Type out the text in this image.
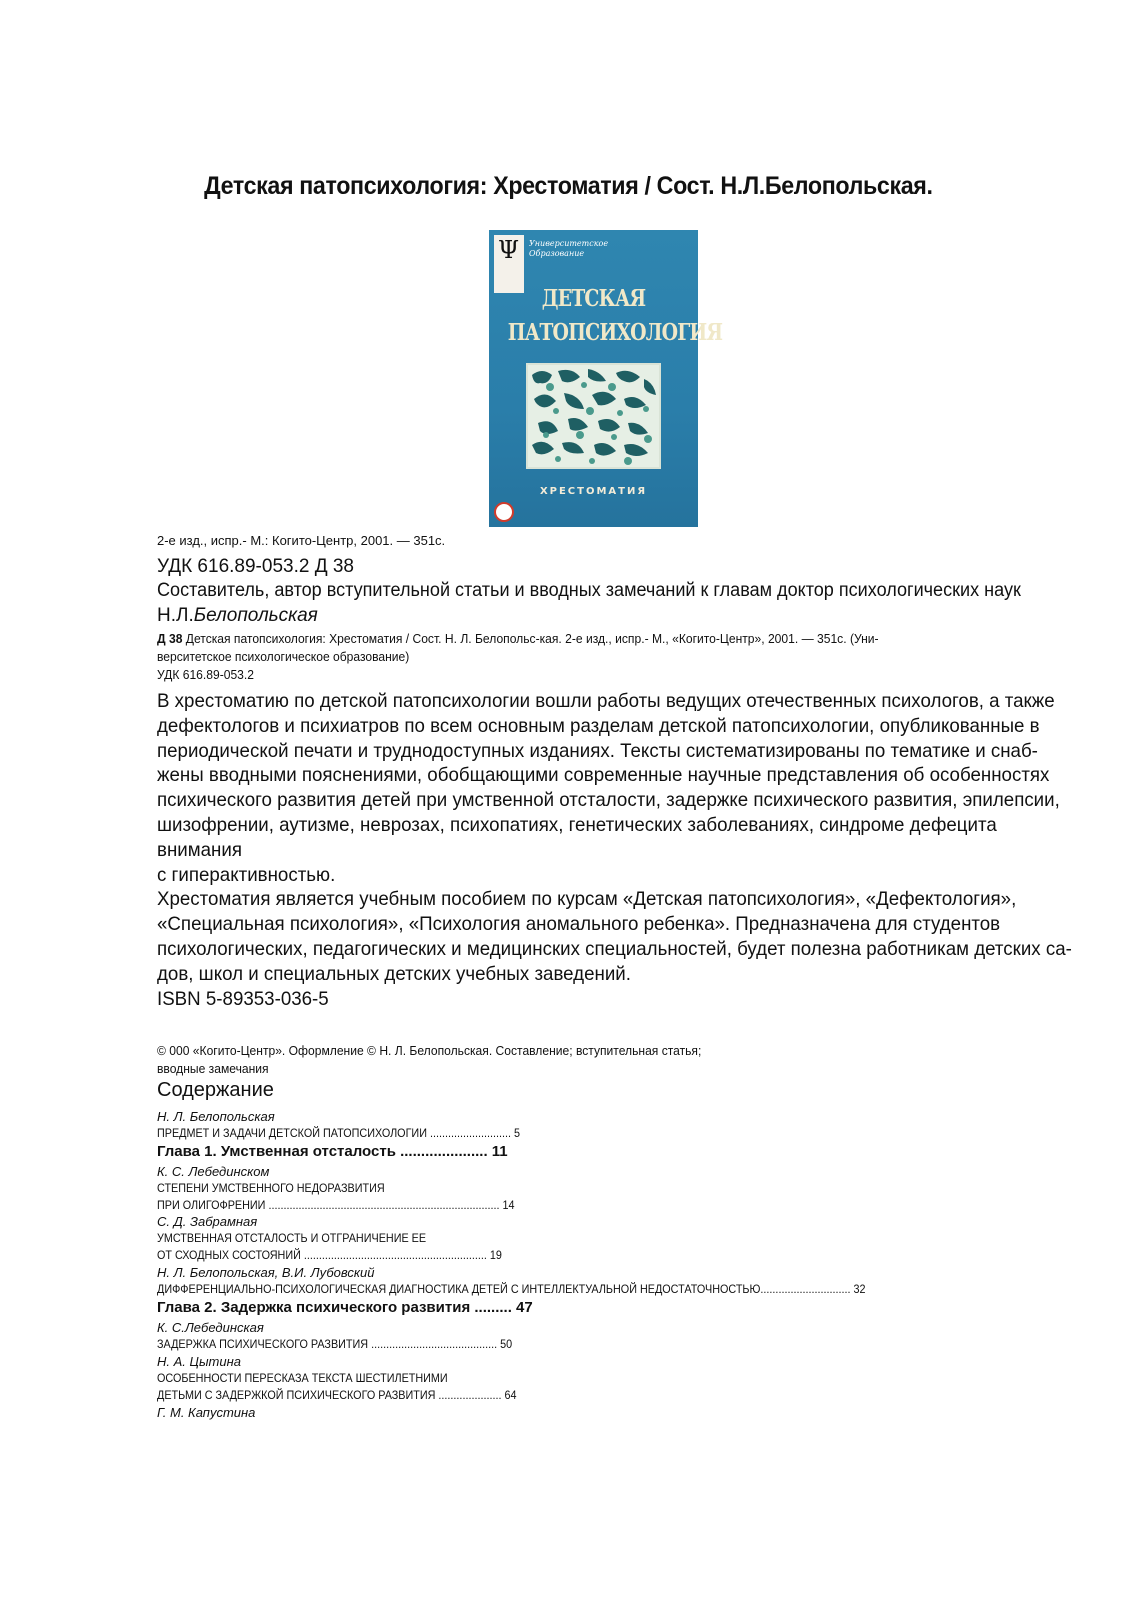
Детская патопсихология: Хрестоматия / Сост. Н.Л.Белопольская.
Ψ Университетское
Образование
ДЕТСКАЯ
ПАТОПСИХОЛОГИЯ
ХРЕСТОМАТИЯ
2-е изд., испр.- М.: Когито-Центр, 2001. — 351с.
УДК 616.89-053.2 Д 38
Составитель, автор вступительной статьи и вводных замечаний к главам доктор психологических наук
Н.Л.Белопольская
Д 38 Детская патопсихология: Хрестоматия / Сост. Н. Л. Белопольс-кая. 2-е изд., испр.- М., «Когито-Центр», 2001. — 351с. (Уни-
верситетское психологическое образование)
УДК 616.89-053.2
В хрестоматию по детской патопсихологии вошли работы ведущих отечественных психологов, а также
дефектологов и психиатров по всем основным разделам детской патопсихологии, опубликованные в
периодической печати и труднодоступных изданиях. Тексты систематизированы по тематике и снаб-
жены вводными пояснениями, обобщающими современные научные представления об особенностях
психического развития детей при умственной отсталости, задержке психического развития, эпилепсии,
шизофрении, аутизме, неврозах, психопатиях, генетических заболеваниях, синдроме дефецита
внимания
с гиперактивностью.
Хрестоматия является учебным пособием по курсам «Детская патопсихология», «Дефектология»,
«Специальная психология», «Психология аномального ребенка». Предназначена для студентов
психологических, педагогических и медицинских специальностей, будет полезна работникам детских са-
дов, школ и специальных детских учебных заведений.
ISBN 5-89353-036-5
© 000 «Когито-Центр». Оформление © Н. Л. Белопольская. Составление; вступительная статья;
вводные замечания
Содержание
Н. Л. Белопольская
ПРЕДМЕТ И ЗАДАЧИ ДЕТСКОЙ ПАТОПСИХОЛОГИИ ........................... 5
Глава 1. Умственная отсталость ..................... 11
К. С. Лебединском
СТЕПЕНИ УМСТВЕННОГО НЕДОРАЗВИТИЯ
ПРИ ОЛИГОФРЕНИИ ............................................................................. 14
С. Д. Забрамная
УМСТВЕННАЯ ОТСТАЛОСТЬ И ОТГРАНИЧЕНИЕ ЕЕ
ОТ СХОДНЫХ СОСТОЯНИЙ ............................................................. 19
Н. Л. Белопольская, В.И. Лубовский
ДИФФЕРЕНЦИАЛЬНО-ПСИХОЛОГИЧЕСКАЯ ДИАГНОСТИКА ДЕТЕЙ С ИНТЕЛЛЕКТУАЛЬНОЙ НЕДОСТАТОЧНОСТЬЮ.............................. 32
Глава 2. Задержка психического развития ......... 47
К. С.Лебединская
ЗАДЕРЖКА ПСИХИЧЕСКОГО РАЗВИТИЯ .......................................... 50
Н. А. Цытина
ОСОБЕННОСТИ ПЕРЕСКАЗА ТЕКСТА ШЕСТИЛЕТНИМИ
ДЕТЬМИ С ЗАДЕРЖКОЙ ПСИХИЧЕСКОГО РАЗВИТИЯ ..................... 64
Г. М. Капустина
